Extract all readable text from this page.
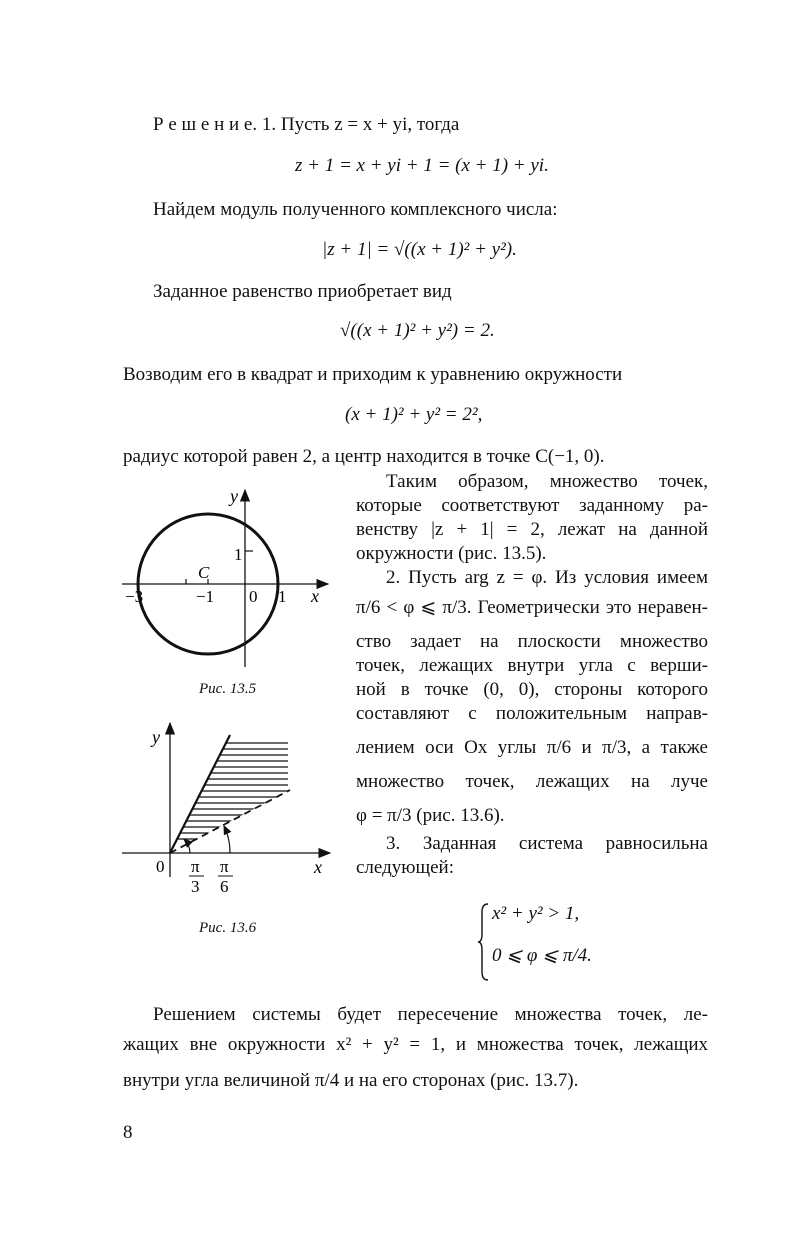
Р е ш е н и е. 1. Пусть z = x + yi, тогда
z + 1 = x + yi + 1 = (x + 1) + yi.
Найдем модуль полученного комплексного числа:
|z + 1| = √((x + 1)² + y²).
Заданное равенство приобретает вид
√((x + 1)² + y²) = 2.
Возводим его в квадрат и приходим к уравнению окружности
(x + 1)² + y² = 2²,
радиус которой равен 2, а центр находится в точке C(−1, 0).
Таким образом, множество точек,
которые соответствуют заданному ра-
венству |z + 1| = 2, лежат на данной
окружности (рис. 13.5).
2. Пусть arg z = φ. Из условия имеем
π/6 < φ ⩽ π/3. Геометрически это неравен-
ство задает на плоскости множество
точек, лежащих внутри угла с верши-
ной в точке (0, 0), стороны которого
составляют с положительным направ-
лением оси Ox углы π/6 и π/3, а также
множество точек, лежащих на луче
φ = π/3 (рис. 13.6).
3. Заданная система равносильна
следующей:
x² + y² > 1,
0 ⩽ φ ⩽ π/4.
Решением системы будет пересечение множества точек, ле-
жащих вне окружности x² + y² = 1, и множества точек, лежащих
внутри угла величиной π/4 и на его сторонах (рис. 13.7).
8
y
x
1
C
−3	−1 0 1
Рис. 13.5
y
x
0 π
3
π
6
Рис. 13.6
